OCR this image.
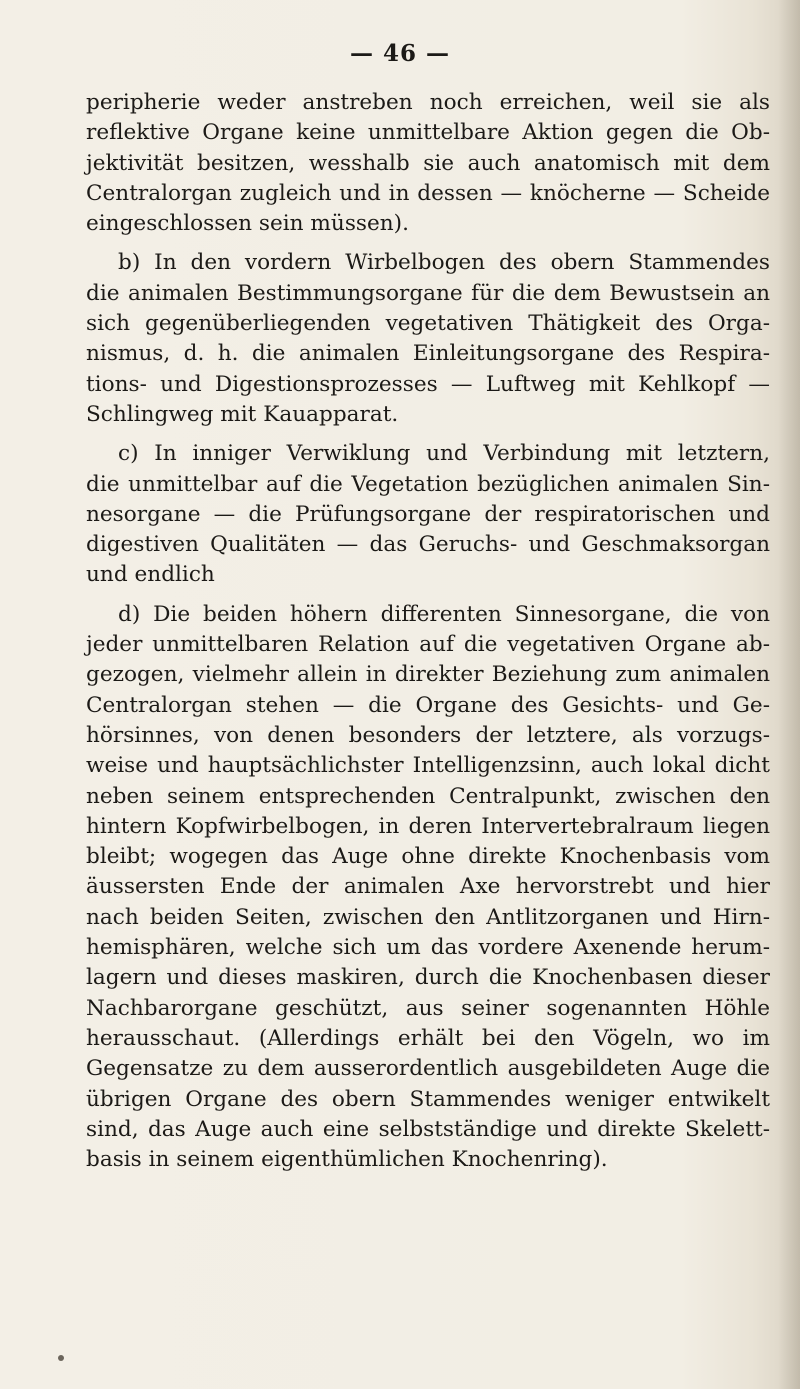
— 46 —
peripherie weder anstreben noch erreichen, weil sie als
reflektive Organe keine unmittelbare Aktion gegen die Ob-
jektivität besitzen, wesshalb sie auch anatomisch mit dem
Centralorgan zugleich und in dessen — knöcherne — Scheide
eingeschlossen sein müssen).
b) In den vordern Wirbelbogen des obern Stammendes
die animalen Bestimmungsorgane für die dem Bewustsein an
sich gegenüberliegenden vegetativen Thätigkeit des Orga-
nismus, d. h. die animalen Einleitungsorgane des Respira-
tions- und Digestionsprozesses — Luftweg mit Kehlkopf —
Schlingweg mit Kauapparat.
c) In inniger Verwiklung und Verbindung mit letztern,
die unmittelbar auf die Vegetation bezüglichen animalen Sin-
nesorgane — die Prüfungsorgane der respiratorischen und
digestiven Qualitäten — das Geruchs- und Geschmaksorgan
und endlich
d) Die beiden höhern differenten Sinnesorgane, die von
jeder unmittelbaren Relation auf die vegetativen Organe ab-
gezogen, vielmehr allein in direkter Beziehung zum animalen
Centralorgan stehen — die Organe des Gesichts- und Ge-
hörsinnes, von denen besonders der letztere, als vorzugs-
weise und hauptsächlichster Intelligenzsinn, auch lokal dicht
neben seinem entsprechenden Centralpunkt, zwischen den
hintern Kopfwirbelbogen, in deren Intervertebralraum liegen
bleibt; wogegen das Auge ohne direkte Knochenbasis vom
äussersten Ende der animalen Axe hervorstrebt und hier
nach beiden Seiten, zwischen den Antlitzorganen und Hirn-
hemisphären, welche sich um das vordere Axenende herum-
lagern und dieses maskiren, durch die Knochenbasen dieser
Nachbarorgane geschützt, aus seiner sogenannten Höhle
herausschaut. (Allerdings erhält bei den Vögeln, wo im
Gegensatze zu dem ausserordentlich ausgebildeten Auge die
übrigen Organe des obern Stammendes weniger entwikelt
sind, das Auge auch eine selbstständige und direkte Skelett-
basis in seinem eigenthümlichen Knochenring).
